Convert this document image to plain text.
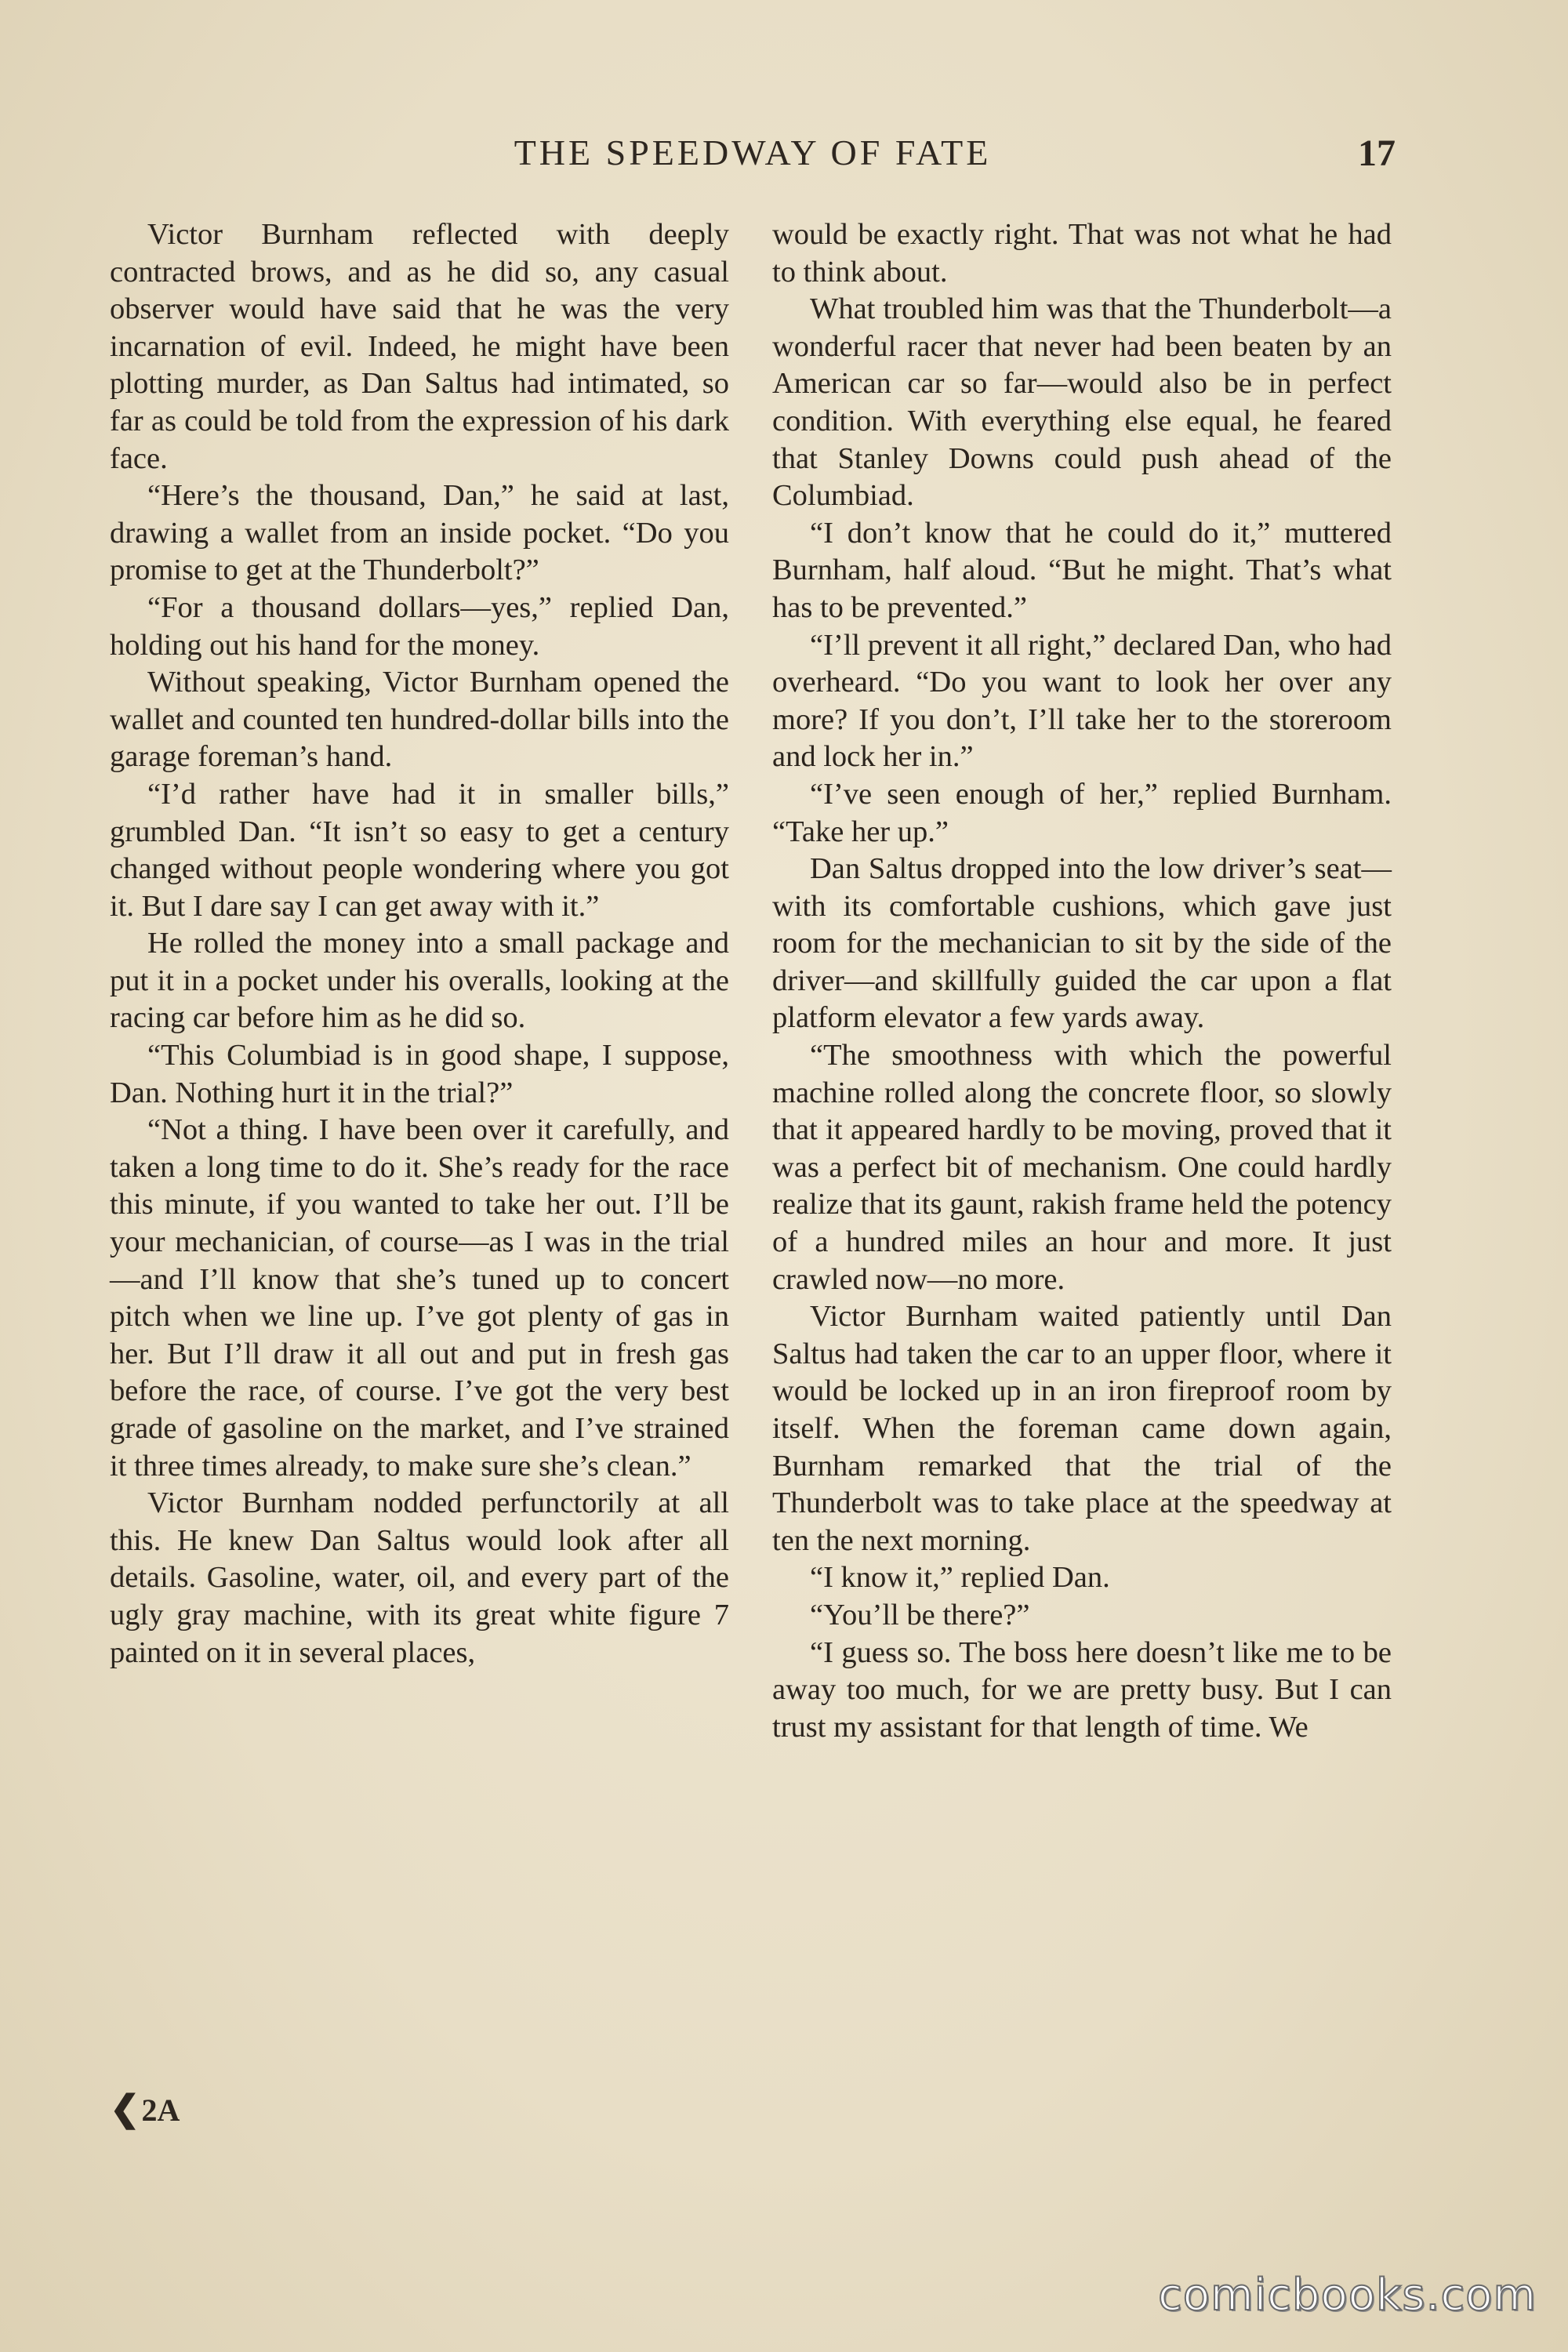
THE SPEEDWAY OF FATE	17

Victor Burnham reflected with deeply contracted brows, and as he did so, any casual observer would have said that he was the very incarnation of evil. Indeed, he might have been plotting murder, as Dan Saltus had intimated, so far as could be told from the expression of his dark face.

“Here’s the thousand, Dan,” he said at last, drawing a wallet from an inside pocket. “Do you promise to get at the Thunderbolt?”

“For a thousand dollars—yes,” replied Dan, holding out his hand for the money.

Without speaking, Victor Burnham opened the wallet and counted ten hundred-dollar bills into the garage foreman’s hand.

“I’d rather have had it in smaller bills,” grumbled Dan. “It isn’t so easy to get a century changed without people wondering where you got it. But I dare say I can get away with it.”

He rolled the money into a small package and put it in a pocket under his overalls, looking at the racing car before him as he did so.

“This Columbiad is in good shape, I suppose, Dan. Nothing hurt it in the trial?”

“Not a thing. I have been over it carefully, and taken a long time to do it. She’s ready for the race this minute, if you wanted to take her out. I’ll be your mechanician, of course—as I was in the trial—and I’ll know that she’s tuned up to concert pitch when we line up. I’ve got plenty of gas in her. But I’ll draw it all out and put in fresh gas before the race, of course. I’ve got the very best grade of gasoline on the market, and I’ve strained it three times already, to make sure she’s clean.”

Victor Burnham nodded perfunctorily at all this. He knew Dan Saltus would look after all details. Gasoline, water, oil, and every part of the ugly gray machine, with its great white figure 7 painted on it in several places,

would be exactly right. That was not what he had to think about.

What troubled him was that the Thunderbolt—a wonderful racer that never had been beaten by an American car so far—would also be in perfect condition. With everything else equal, he feared that Stanley Downs could push ahead of the Columbiad.

“I don’t know that he could do it,” muttered Burnham, half aloud. “But he might. That’s what has to be prevented.”

“I’ll prevent it all right,” declared Dan, who had overheard. “Do you want to look her over any more? If you don’t, I’ll take her to the storeroom and lock her in.”

“I’ve seen enough of her,” replied Burnham. “Take her up.”

Dan Saltus dropped into the low driver’s seat—with its comfortable cushions, which gave just room for the mechanician to sit by the side of the driver—and skillfully guided the car upon a flat platform elevator a few yards away.

“The smoothness with which the powerful machine rolled along the concrete floor, so slowly that it appeared hardly to be moving, proved that it was a perfect bit of mechanism. One could hardly realize that its gaunt, rakish frame held the potency of a hundred miles an hour and more. It just crawled now—no more.

Victor Burnham waited patiently until Dan Saltus had taken the car to an upper floor, where it would be locked up in an iron fireproof room by itself. When the foreman came down again, Burnham remarked that the trial of the Thunderbolt was to take place at the speedway at ten the next morning.

“I know it,” replied Dan.

“You’ll be there?”

“I guess so. The boss here doesn’t like me to be away too much, for we are pretty busy. But I can trust my assistant for that length of time. We

❮2A
comicbooks.com
